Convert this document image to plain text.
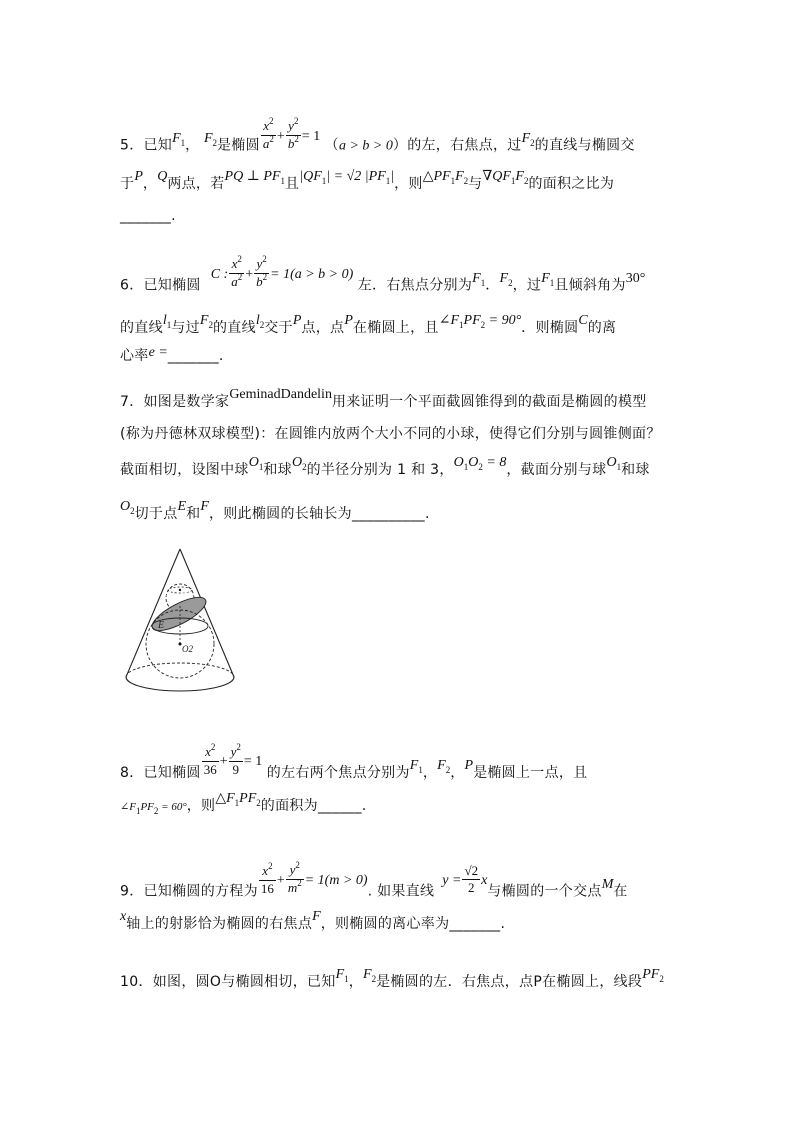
5．已知$F_1$， $F_2$是椭圆 $\frac{x^2}{a^2} + \frac{y^2}{b^2} = 1$ （a > b > 0）的左，右焦点，过$F_2$的直线与椭圆交
于P，Q两点，若PQ ⊥ $PF_1$且$|QF_1| = √2$ $|PF_1|$，则$\triangle PF_1F_2$与$\nabla QF_1F_2$的面积之比为
_______.
6．已知椭圆C : $\frac{x^2}{a^2} + \frac{y^2}{b^2} = 1(a > b > 0)$ 左．右焦点分别为$F_1$．$F_2$，过$F_1$且倾斜角为30°
的直线$l_1$与过$F_2$的直线$l_2$交于P点，点P在椭圆上，且$\angle F_1PF_2 = 90^\circ$．则椭圆C的离
心率e =_______.
7．如图是数学家GeminadDandelin用来证明一个平面截圆锥得到的截面是椭圆的模型
(称为丹德林双球模型)：在圆锥内放两个大小不同的小球，使得它们分别与圆锥侧面？
截面相切，设图中球$O_1$和球$O_2$的半径分别为 1 和 3，$O_1O_2 = 8$，截面分别与球$O_1$和球
$O_2$切于点E和F，则此椭圆的长轴长为__________.
O1 F
E
O2
8．已知椭圆 $\frac{x^2}{36} + \frac{y^2}{9} = 1$ 的左右两个焦点分别为$F_1$，$F_2$，P是椭圆上一点，且
$\angle F_1PF_2 = 60^\circ$，则$\triangle F_1PF_2$的面积为______.
9．已知椭圆的方程为 $\frac{x^2}{16} + \frac{y^2}{m^2} = 1(m > 0)$. 如果直线$y = \frac{√2}{2}$ x与椭圆的一个交点M在
x轴上的射影恰为椭圆的右焦点F，则椭圆的离心率为_______.
10．如图，圆O与椭圆相切，已知$F_1$，$F_2$是椭圆的左．右焦点，点P在椭圆上，线段$PF_2$
